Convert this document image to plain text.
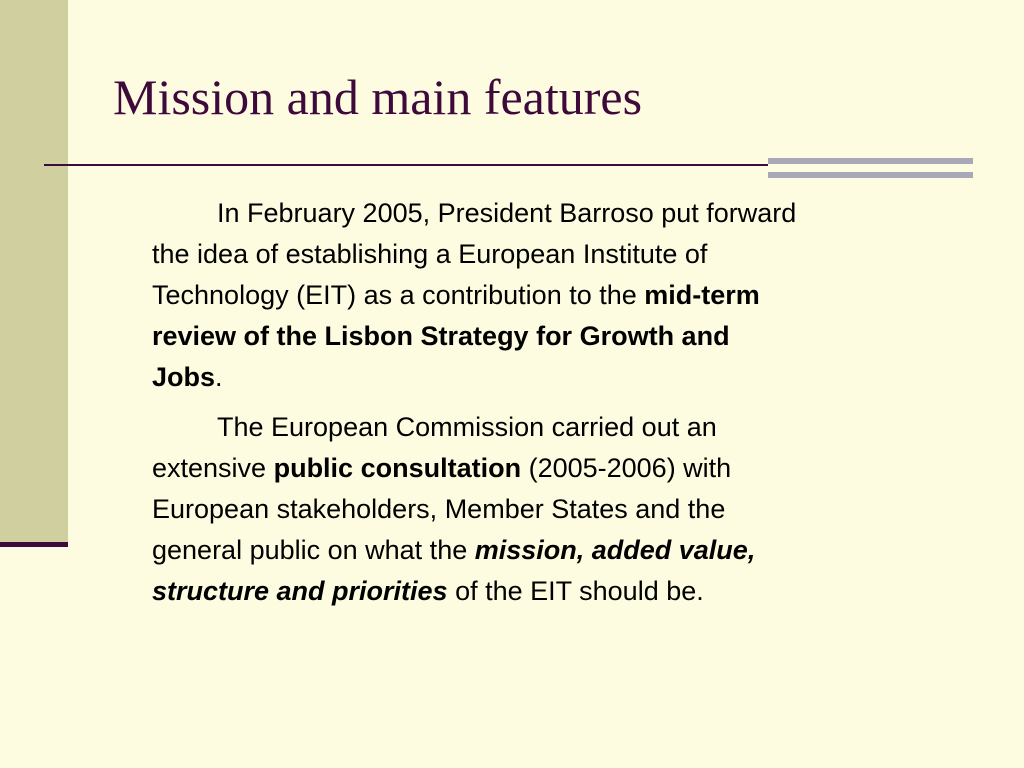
Mission and main features

In February 2005, President Barroso put forward
the idea of establishing a European Institute of
Technology (EIT) as a contribution to the mid-term
review of the Lisbon Strategy for Growth and
Jobs.

The European Commission carried out an
extensive public consultation (2005-2006) with
European stakeholders, Member States and the
general public on what the mission, added value,
structure and priorities of the EIT should be.
